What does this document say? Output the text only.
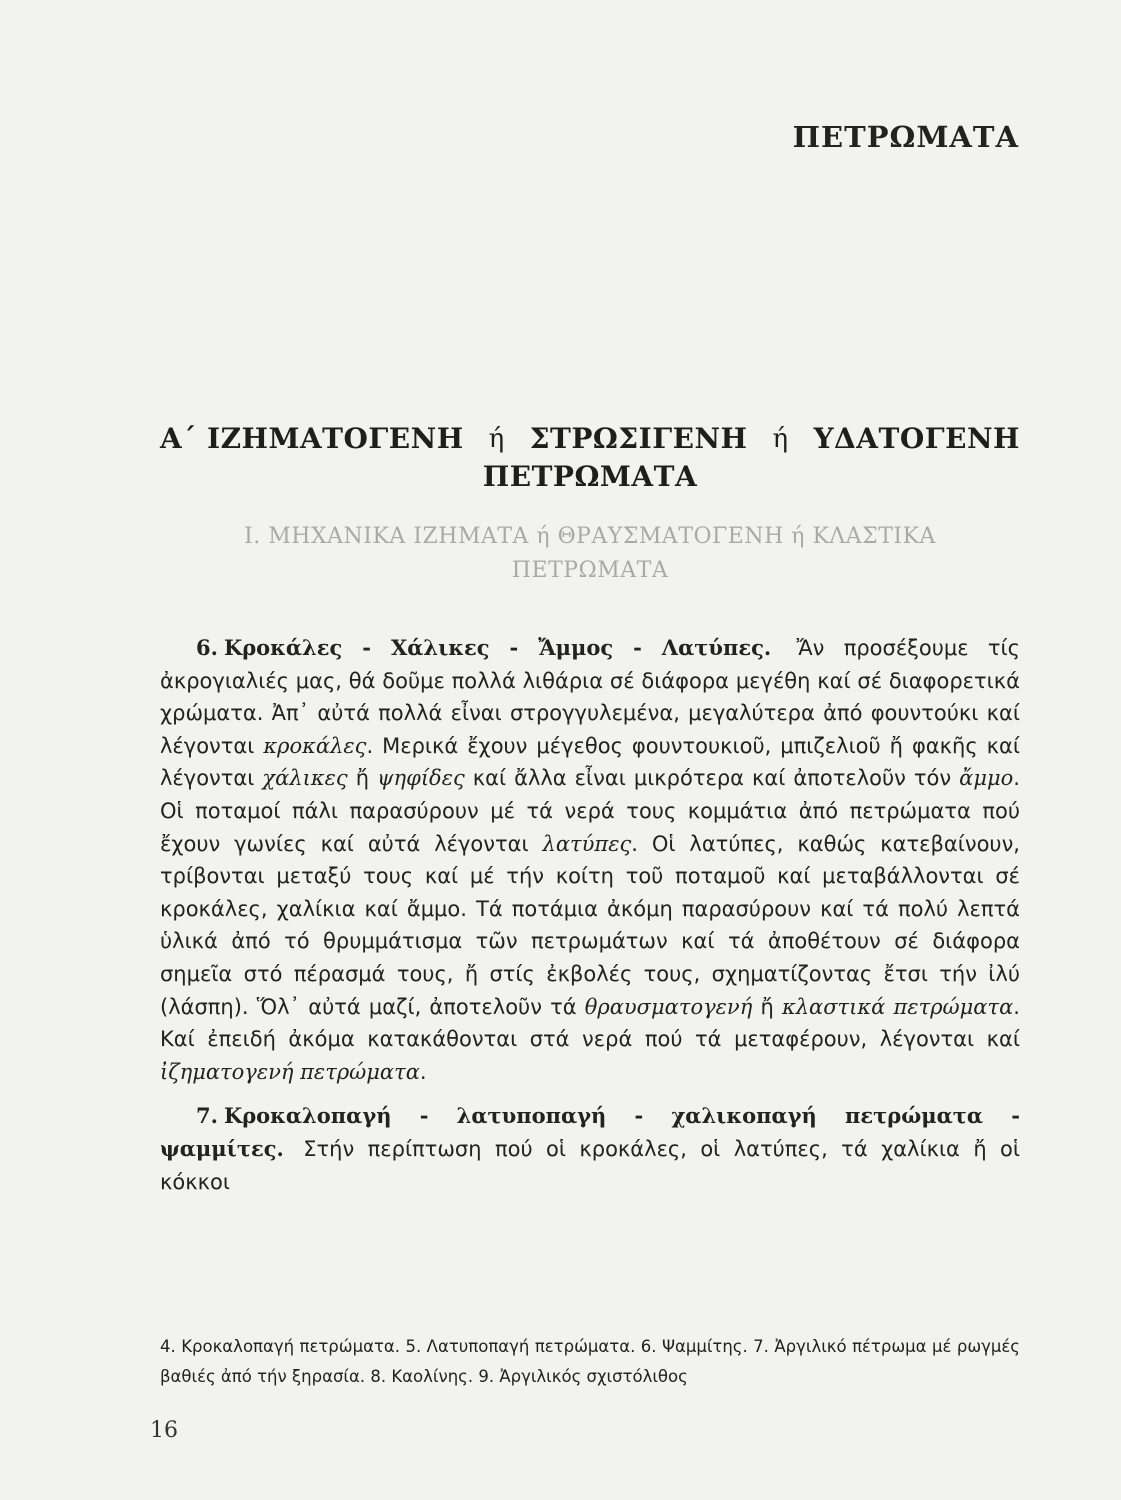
ΠΕΤΡΩΜΑΤΑ
Α΄ ΙΖΗΜΑΤΟΓΕΝΗ ή ΣΤΡΩΣΙΓΕΝΗ ή ΥΔΑΤΟΓΕΝΗ
ΠΕΤΡΩΜΑΤΑ
Ι. ΜΗΧΑΝΙΚΑ ΙΖΗΜΑΤΑ ή ΘΡΑΥΣΜΑΤΟΓΕΝΗ ή ΚΛΑΣΤΙΚΑ
ΠΕΤΡΩΜΑΤΑ

6. Κροκάλες - Χάλικες - Ἄμμος - Λατύπες. Ἄν προσέξουμε τίς ἀκρογιαλιές μας, θά δοῦμε πολλά λιθάρια σέ διάφορα μεγέθη καί σέ διαφορετικά χρώματα. Ἀπ᾿ αὐτά πολλά εἶναι στρογγυλεμένα, μεγαλύτερα ἀπό φουντούκι καί λέγονται κροκάλες. Μερικά ἔχουν μέγεθος φουντουκιοῦ, μπιζελιοῦ ἤ φακῆς καί λέγονται χάλικες ἤ ψηφίδες καί ἄλλα εἶναι μικρότερα καί ἀποτελοῦν τόν ἄμμο. Οἱ ποταμοί πάλι παρασύρουν μέ τά νερά τους κομμάτια ἀπό πετρώματα πού ἔχουν γωνίες καί αὐτά λέγονται λατύπες. Οἱ λατύπες, καθώς κατεβαίνουν, τρίβονται μεταξύ τους καί μέ τήν κοίτη τοῦ ποταμοῦ καί μεταβάλλονται σέ κροκάλες, χαλίκια καί ἄμμο. Τά ποτάμια ἀκόμη παρασύρουν καί τά πολύ λεπτά ὑλικά ἀπό τό θρυμμάτισμα τῶν πετρωμάτων καί τά ἀποθέτουν σέ διάφορα σημεῖα στό πέρασμά τους, ἤ στίς ἐκβολές τους, σχηματίζοντας ἔτσι τήν ἰλύ (λάσπη). Ὅλ᾿ αὐτά μαζί, ἀποτελοῦν τά θραυσματογενή ἤ κλαστικά πετρώματα. Καί ἐπειδή ἀκόμα κατακάθονται στά νερά πού τά μεταφέρουν, λέγονται καί ἰζηματογενή πετρώματα.

7. Κροκαλοπαγή - λατυποπαγή - χαλικοπαγή πετρώματα - ψαμμίτες. Στήν περίπτωση πού οἱ κροκάλες, οἱ λατύπες, τά χαλίκια ἤ οἱ κόκκοι

4. Κροκαλοπαγή πετρώματα. 5. Λατυποπαγή πετρώματα. 6. Ψαμμίτης. 7. Ἀργιλικό πέτρωμα μέ ρωγμές βαθιές ἀπό τήν ξηρασία. 8. Καολίνης. 9. Ἀργιλικός σχιστόλιθος
16
